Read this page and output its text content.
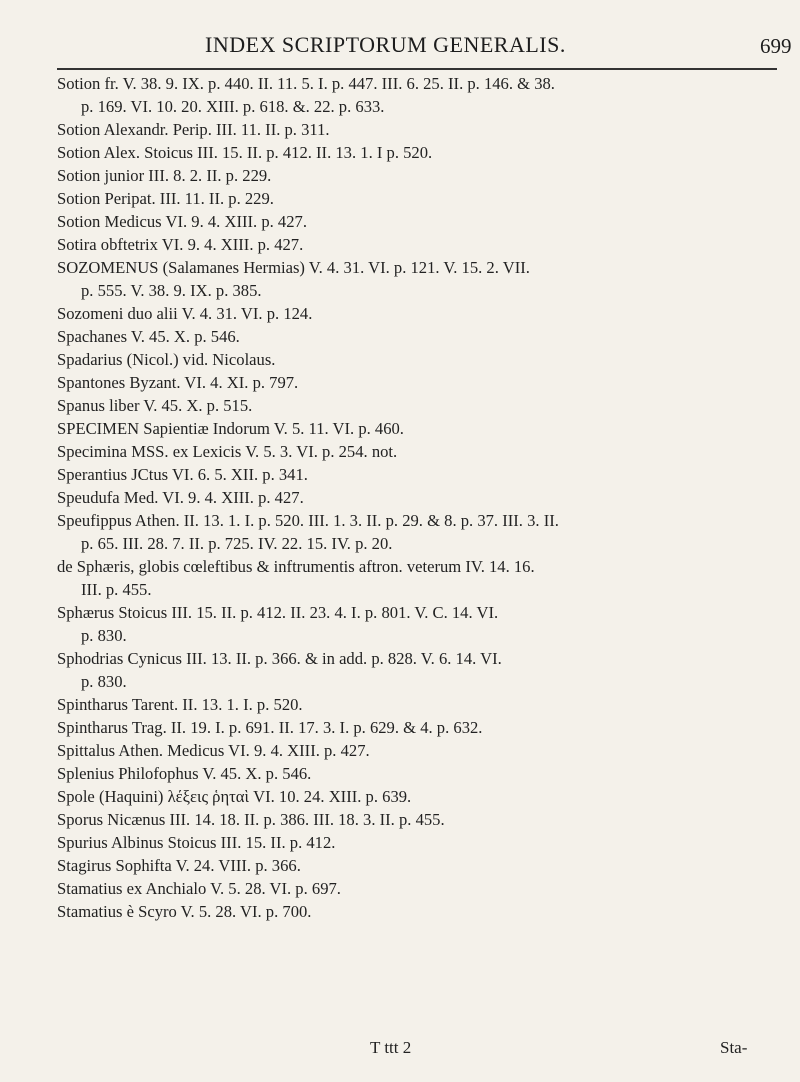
INDEX SCRIPTORUM GENERALIS.	699
Sotion fr. V. 38. 9. IX. p. 440. II. 11. 5. I. p. 447. III. 6. 25. II. p. 146. & 38.
p. 169. VI. 10. 20. XIII. p. 618. &. 22. p. 633.
Sotion Alexandr. Perip. III. 11. II. p. 311.
Sotion Alex. Stoicus III. 15. II. p. 412. II. 13. 1. I p. 520.
Sotion junior III. 8. 2. II. p. 229.
Sotion Peripat. III. 11. II. p. 229.
Sotion Medicus VI. 9. 4. XIII. p. 427.
Sotira obftetrix VI. 9. 4. XIII. p. 427.
SOZOMENUS (Salamanes Hermias) V. 4. 31. VI. p. 121. V. 15. 2. VII.
p. 555. V. 38. 9. IX. p. 385.
Sozomeni duo alii V. 4. 31. VI. p. 124.
Spachanes V. 45. X. p. 546.
Spadarius (Nicol.) vid. Nicolaus.
Spantones Byzant. VI. 4. XI. p. 797.
Spanus liber V. 45. X. p. 515.
SPECIMEN Sapientiæ Indorum V. 5. 11. VI. p. 460.
Specimina MSS. ex Lexicis V. 5. 3. VI. p. 254. not.
Sperantius JCtus VI. 6. 5. XII. p. 341.
Speudufa Med. VI. 9. 4. XIII. p. 427.
Speufippus Athen. II. 13. 1. I. p. 520. III. 1. 3. II. p. 29. & 8. p. 37. III. 3. II.
p. 65. III. 28. 7. II. p. 725. IV. 22. 15. IV. p. 20.
de Sphæris, globis cœleftibus & inftrumentis aftron. veterum IV. 14. 16.
III. p. 455.
Sphærus Stoicus III. 15. II. p. 412. II. 23. 4. I. p. 801. V. C. 14. VI.
p. 830.
Sphodrias Cynicus III. 13. II. p. 366. & in add. p. 828. V. 6. 14. VI.
p. 830.
Spintharus Tarent. II. 13. 1. I. p. 520.
Spintharus Trag. II. 19. I. p. 691. II. 17. 3. I. p. 629. & 4. p. 632.
Spittalus Athen. Medicus VI. 9. 4. XIII. p. 427.
Splenius Philofophus V. 45. X. p. 546.
Spole (Haquini) λέξεις ῥηταὶ VI. 10. 24. XIII. p. 639.
Sporus Nicænus III. 14. 18. II. p. 386. III. 18. 3. II. p. 455.
Spurius Albinus Stoicus III. 15. II. p. 412.
Stagirus Sophifta V. 24. VIII. p. 366.
Stamatius ex Anchialo V. 5. 28. VI. p. 697.
Stamatius è Scyro V. 5. 28. VI. p. 700.
T ttt 2	Sta-
